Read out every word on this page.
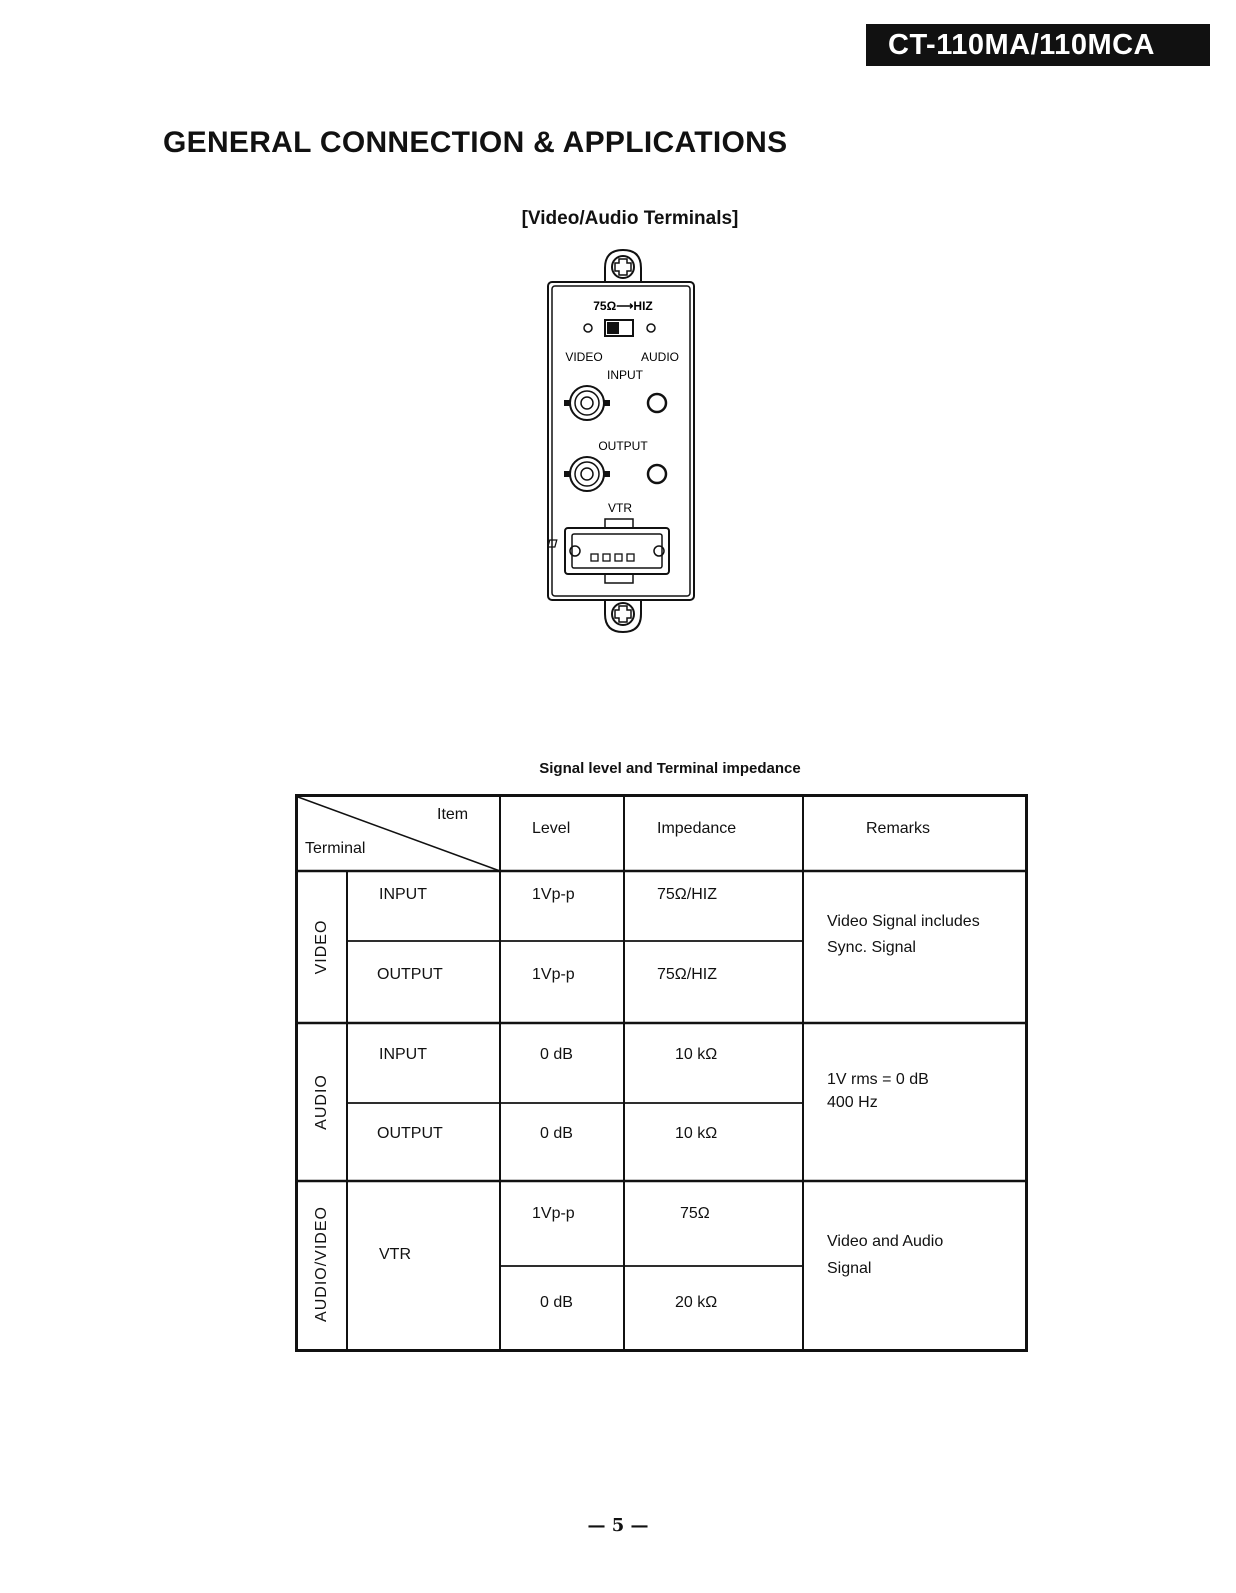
CT-110MA/110MCA
GENERAL CONNECTION & APPLICATIONS
[Video/Audio Terminals]
75Ω⟶HIZ
VIDEO	AUDIO
INPUT
OUTPUT
VTR
Signal level and Terminal impedance
Item
Terminal
Level	Impedance	Remarks
VIDEO
INPUT	1Vp-p	75Ω/HIZ
OUTPUT	1Vp-p	75Ω/HIZ
Video Signal includes
Sync. Signal
AUDIO
INPUT	0 dB	10 kΩ
OUTPUT	0 dB	10 kΩ
1V rms = 0 dB
400 Hz
AUDIO/VIDEO	VTR
1Vp-p	75Ω
0 dB	20 kΩ
Video and Audio
Signal
— 5 —
